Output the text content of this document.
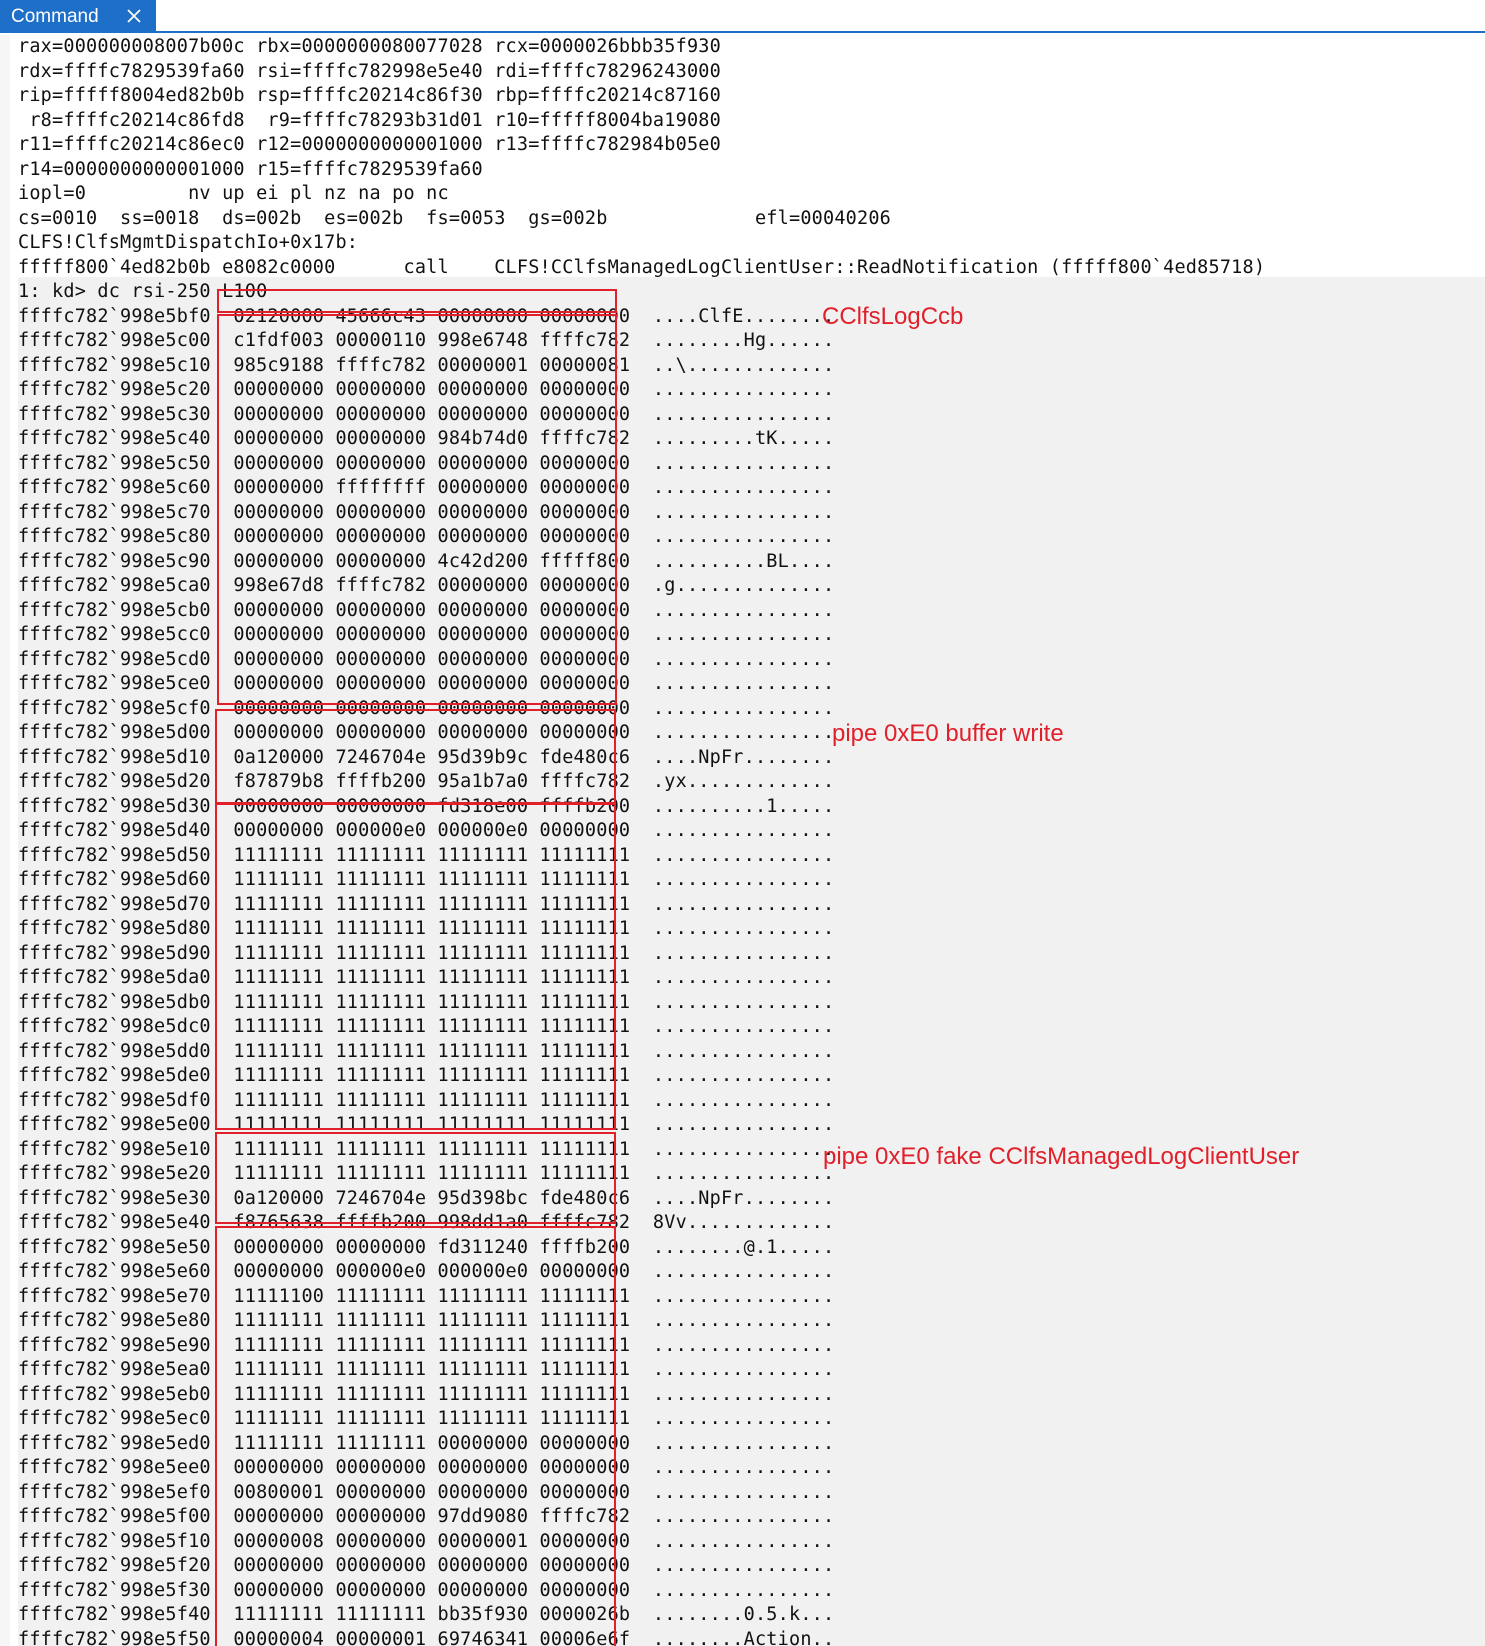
Command
rax=000000008007b00c rbx=0000000080077028 rcx=0000026bbb35f930
rdx=ffffc7829539fa60 rsi=ffffc782998e5e40 rdi=ffffc78296243000
rip=fffff8004ed82b0b rsp=ffffc20214c86f30 rbp=ffffc20214c87160
r8=ffffc20214c86fd8  r9=ffffc78293b31d01 r10=fffff8004ba19080
r11=ffffc20214c86ec0 r12=0000000000001000 r13=ffffc782984b05e0
r14=0000000000001000 r15=ffffc7829539fa60
iopl=0         nv up ei pl nz na po nc
cs=0010  ss=0018  ds=002b  es=002b  fs=0053  gs=002b             efl=00040206
CLFS!ClfsMgmtDispatchIo+0x17b:
fffff800`4ed82b0b e8082c0000      call    CLFS!CClfsManagedLogClientUser::ReadNotification (fffff800`4ed85718)
1: kd> dc rsi-250 L100
ffffc782`998e5bf0  02120000 45666c43 00000000 00000000  ....ClfE........
ffffc782`998e5c00  c1fdf003 00000110 998e6748 ffffc782  ........Hg......
ffffc782`998e5c10  985c9188 ffffc782 00000001 00000081  ..\.............
ffffc782`998e5c20  00000000 00000000 00000000 00000000  ................
ffffc782`998e5c30  00000000 00000000 00000000 00000000  ................
ffffc782`998e5c40  00000000 00000000 984b74d0 ffffc782  .........tK.....
ffffc782`998e5c50  00000000 00000000 00000000 00000000  ................
ffffc782`998e5c60  00000000 ffffffff 00000000 00000000  ................
ffffc782`998e5c70  00000000 00000000 00000000 00000000  ................
ffffc782`998e5c80  00000000 00000000 00000000 00000000  ................
ffffc782`998e5c90  00000000 00000000 4c42d200 fffff800  ..........BL....
ffffc782`998e5ca0  998e67d8 ffffc782 00000000 00000000  .g..............
ffffc782`998e5cb0  00000000 00000000 00000000 00000000  ................
ffffc782`998e5cc0  00000000 00000000 00000000 00000000  ................
ffffc782`998e5cd0  00000000 00000000 00000000 00000000  ................
ffffc782`998e5ce0  00000000 00000000 00000000 00000000  ................
ffffc782`998e5cf0  00000000 00000000 00000000 00000000  ................
ffffc782`998e5d00  00000000 00000000 00000000 00000000  ................
ffffc782`998e5d10  0a120000 7246704e 95d39b9c fde480c6  ....NpFr........
ffffc782`998e5d20  f87879b8 ffffb200 95a1b7a0 ffffc782  .yx.............
ffffc782`998e5d30  00000000 00000000 fd318e00 ffffb200  ..........1.....
ffffc782`998e5d40  00000000 000000e0 000000e0 00000000  ................
ffffc782`998e5d50  11111111 11111111 11111111 11111111  ................
ffffc782`998e5d60  11111111 11111111 11111111 11111111  ................
ffffc782`998e5d70  11111111 11111111 11111111 11111111  ................
ffffc782`998e5d80  11111111 11111111 11111111 11111111  ................
ffffc782`998e5d90  11111111 11111111 11111111 11111111  ................
ffffc782`998e5da0  11111111 11111111 11111111 11111111  ................
ffffc782`998e5db0  11111111 11111111 11111111 11111111  ................
ffffc782`998e5dc0  11111111 11111111 11111111 11111111  ................
ffffc782`998e5dd0  11111111 11111111 11111111 11111111  ................
ffffc782`998e5de0  11111111 11111111 11111111 11111111  ................
ffffc782`998e5df0  11111111 11111111 11111111 11111111  ................
ffffc782`998e5e00  11111111 11111111 11111111 11111111  ................
ffffc782`998e5e10  11111111 11111111 11111111 11111111  ................
ffffc782`998e5e20  11111111 11111111 11111111 11111111  ................
ffffc782`998e5e30  0a120000 7246704e 95d398bc fde480c6  ....NpFr........
ffffc782`998e5e40  f8765638 ffffb200 998dd1a0 ffffc782  8Vv.............
ffffc782`998e5e50  00000000 00000000 fd311240 ffffb200  ........@.1.....
ffffc782`998e5e60  00000000 000000e0 000000e0 00000000  ................
ffffc782`998e5e70  11111100 11111111 11111111 11111111  ................
ffffc782`998e5e80  11111111 11111111 11111111 11111111  ................
ffffc782`998e5e90  11111111 11111111 11111111 11111111  ................
ffffc782`998e5ea0  11111111 11111111 11111111 11111111  ................
ffffc782`998e5eb0  11111111 11111111 11111111 11111111  ................
ffffc782`998e5ec0  11111111 11111111 11111111 11111111  ................
ffffc782`998e5ed0  11111111 11111111 00000000 00000000  ................
ffffc782`998e5ee0  00000000 00000000 00000000 00000000  ................
ffffc782`998e5ef0  00800001 00000000 00000000 00000000  ................
ffffc782`998e5f00  00000000 00000000 97dd9080 ffffc782  ................
ffffc782`998e5f10  00000008 00000000 00000001 00000000  ................
ffffc782`998e5f20  00000000 00000000 00000000 00000000  ................
ffffc782`998e5f30  00000000 00000000 00000000 00000000  ................
ffffc782`998e5f40  11111111 11111111 bb35f930 0000026b  ........0.5.k...
ffffc782`998e5f50  00000004 00000001 69746341 00006e6f  ........Action..
CClfsLogCcb
pipe 0xE0 buffer write
pipe 0xE0 fake CClfsManagedLogClientUser
